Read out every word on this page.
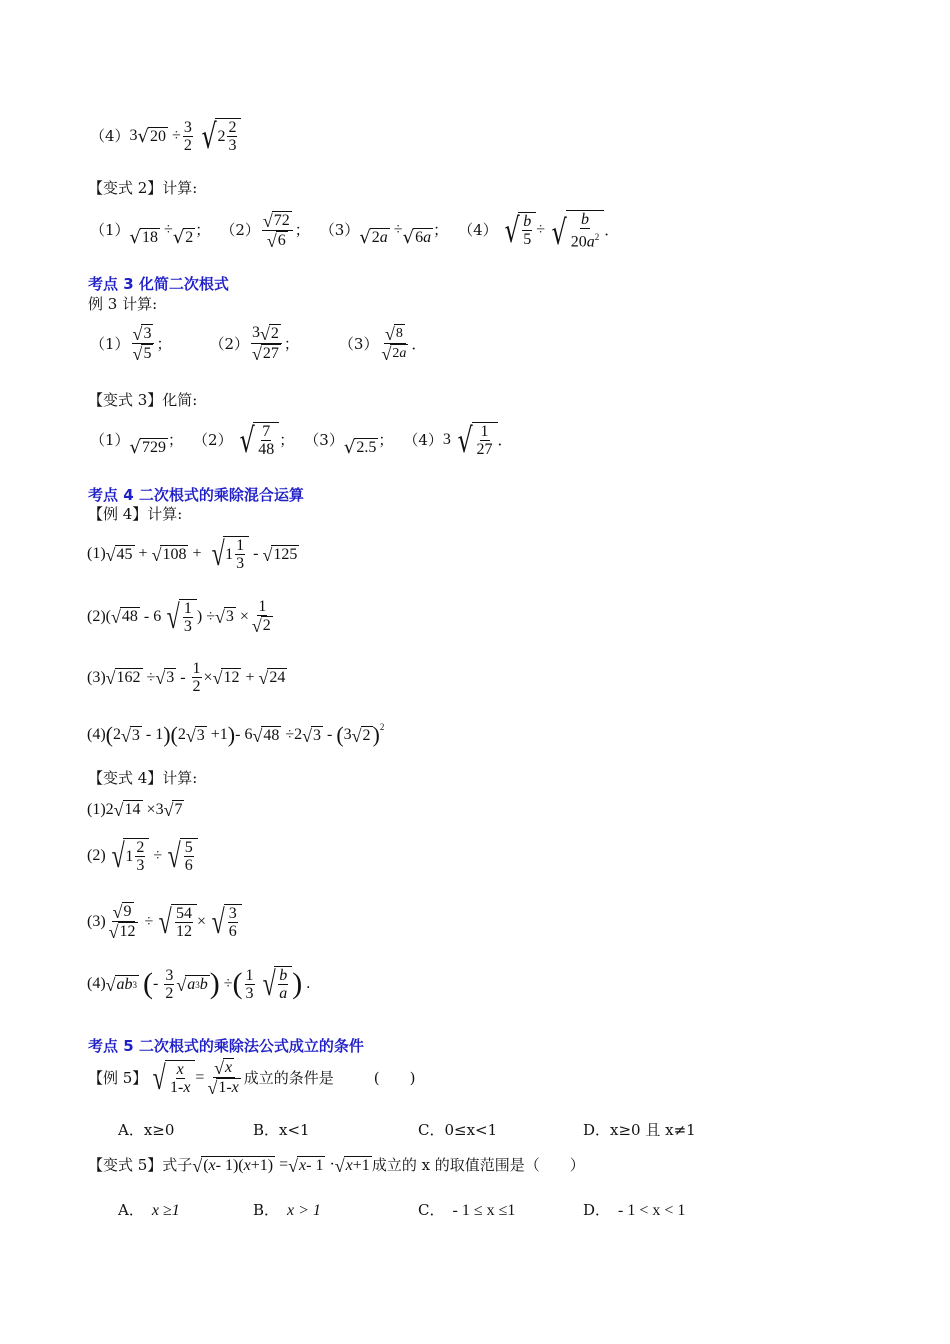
（4） 3 √ $20 \div \frac{3}{2}$ √ $2 \frac{2}{3}$
【变式 2】计算:
（1） √ 18 ÷ √ 2 ； $(2) \frac{√ 72}{√ 6}$ ； （3） √ 2 a ÷ √ 6 a ； （4） √ $\frac{b}{5}$ ÷ √ $\frac{b}{20a^2}$ ．
考点 3 化简二次根式
例 3 计算:
$(1) \frac{√ 3}{√ 5}$ ；	$(2) \frac{3 √ 2}{√ 27}$ ；	$(3) \frac{√ 8}{√ 2 a}$ ．
【变式 3】化简:
（1） √ 729 ； （2） √ $\frac{7}{48}$ ； （3） √ 2.5 ； （4） 3 √ $\frac{1}{27}$ ．
考点 4 二次根式的乘除混合运算
【例 4】计算:
(1) √ 45 + √ 108 + √ $1 \frac{1}{3}$ - √ 125
(2) ( √ 48 - 6 √ $\frac{1}{3}$ ) ÷ √ $3 \times \frac{1}{√ 2}$
(3) √ 162 ÷ √ $3 - \frac{1}{2}$ × √ 12 + √ 24
(4) ( 2 √ 3 - 1 )( 2 √ 3 +1 ) - 6 √ 48 ÷2 √ 3 - ( 3 √ 2 )$^2$
【变式 4】计算:
(1) 2 √ 14 ×3 √ 7
(2) √ $1 \frac{2}{3}$ ÷ √ $\frac{5}{6}$
$(3) \frac{√ 9}{√ 12}$ ÷ √ $\frac{54}{12}$ × √ $\frac{3}{6}$
(4) √ ab 3
( - $\frac{3}{2}$ √ a 3 b ) ÷ ( $\frac{1}{3}$ √ $\frac{b}{a}$ ) .
考点 5 二次根式的乘除法公式成立的条件
【例 5】 √ $\frac{x}{1-x} = \frac{√ x}{√ 1- x}$ 成立的条件是	(　　)
A．x≥0	B．x<1	C．0≤x<1	D．x≥0 且 x≠1
【变式 5】式子 √ ( x - 1)( x +1) = √ x - 1 · √ x +1 成立的 x 的取值范围是（　　）
A． x ≥1	B． x > 1	C． - 1 ≤ x ≤1	D． - 1 < x < 1
